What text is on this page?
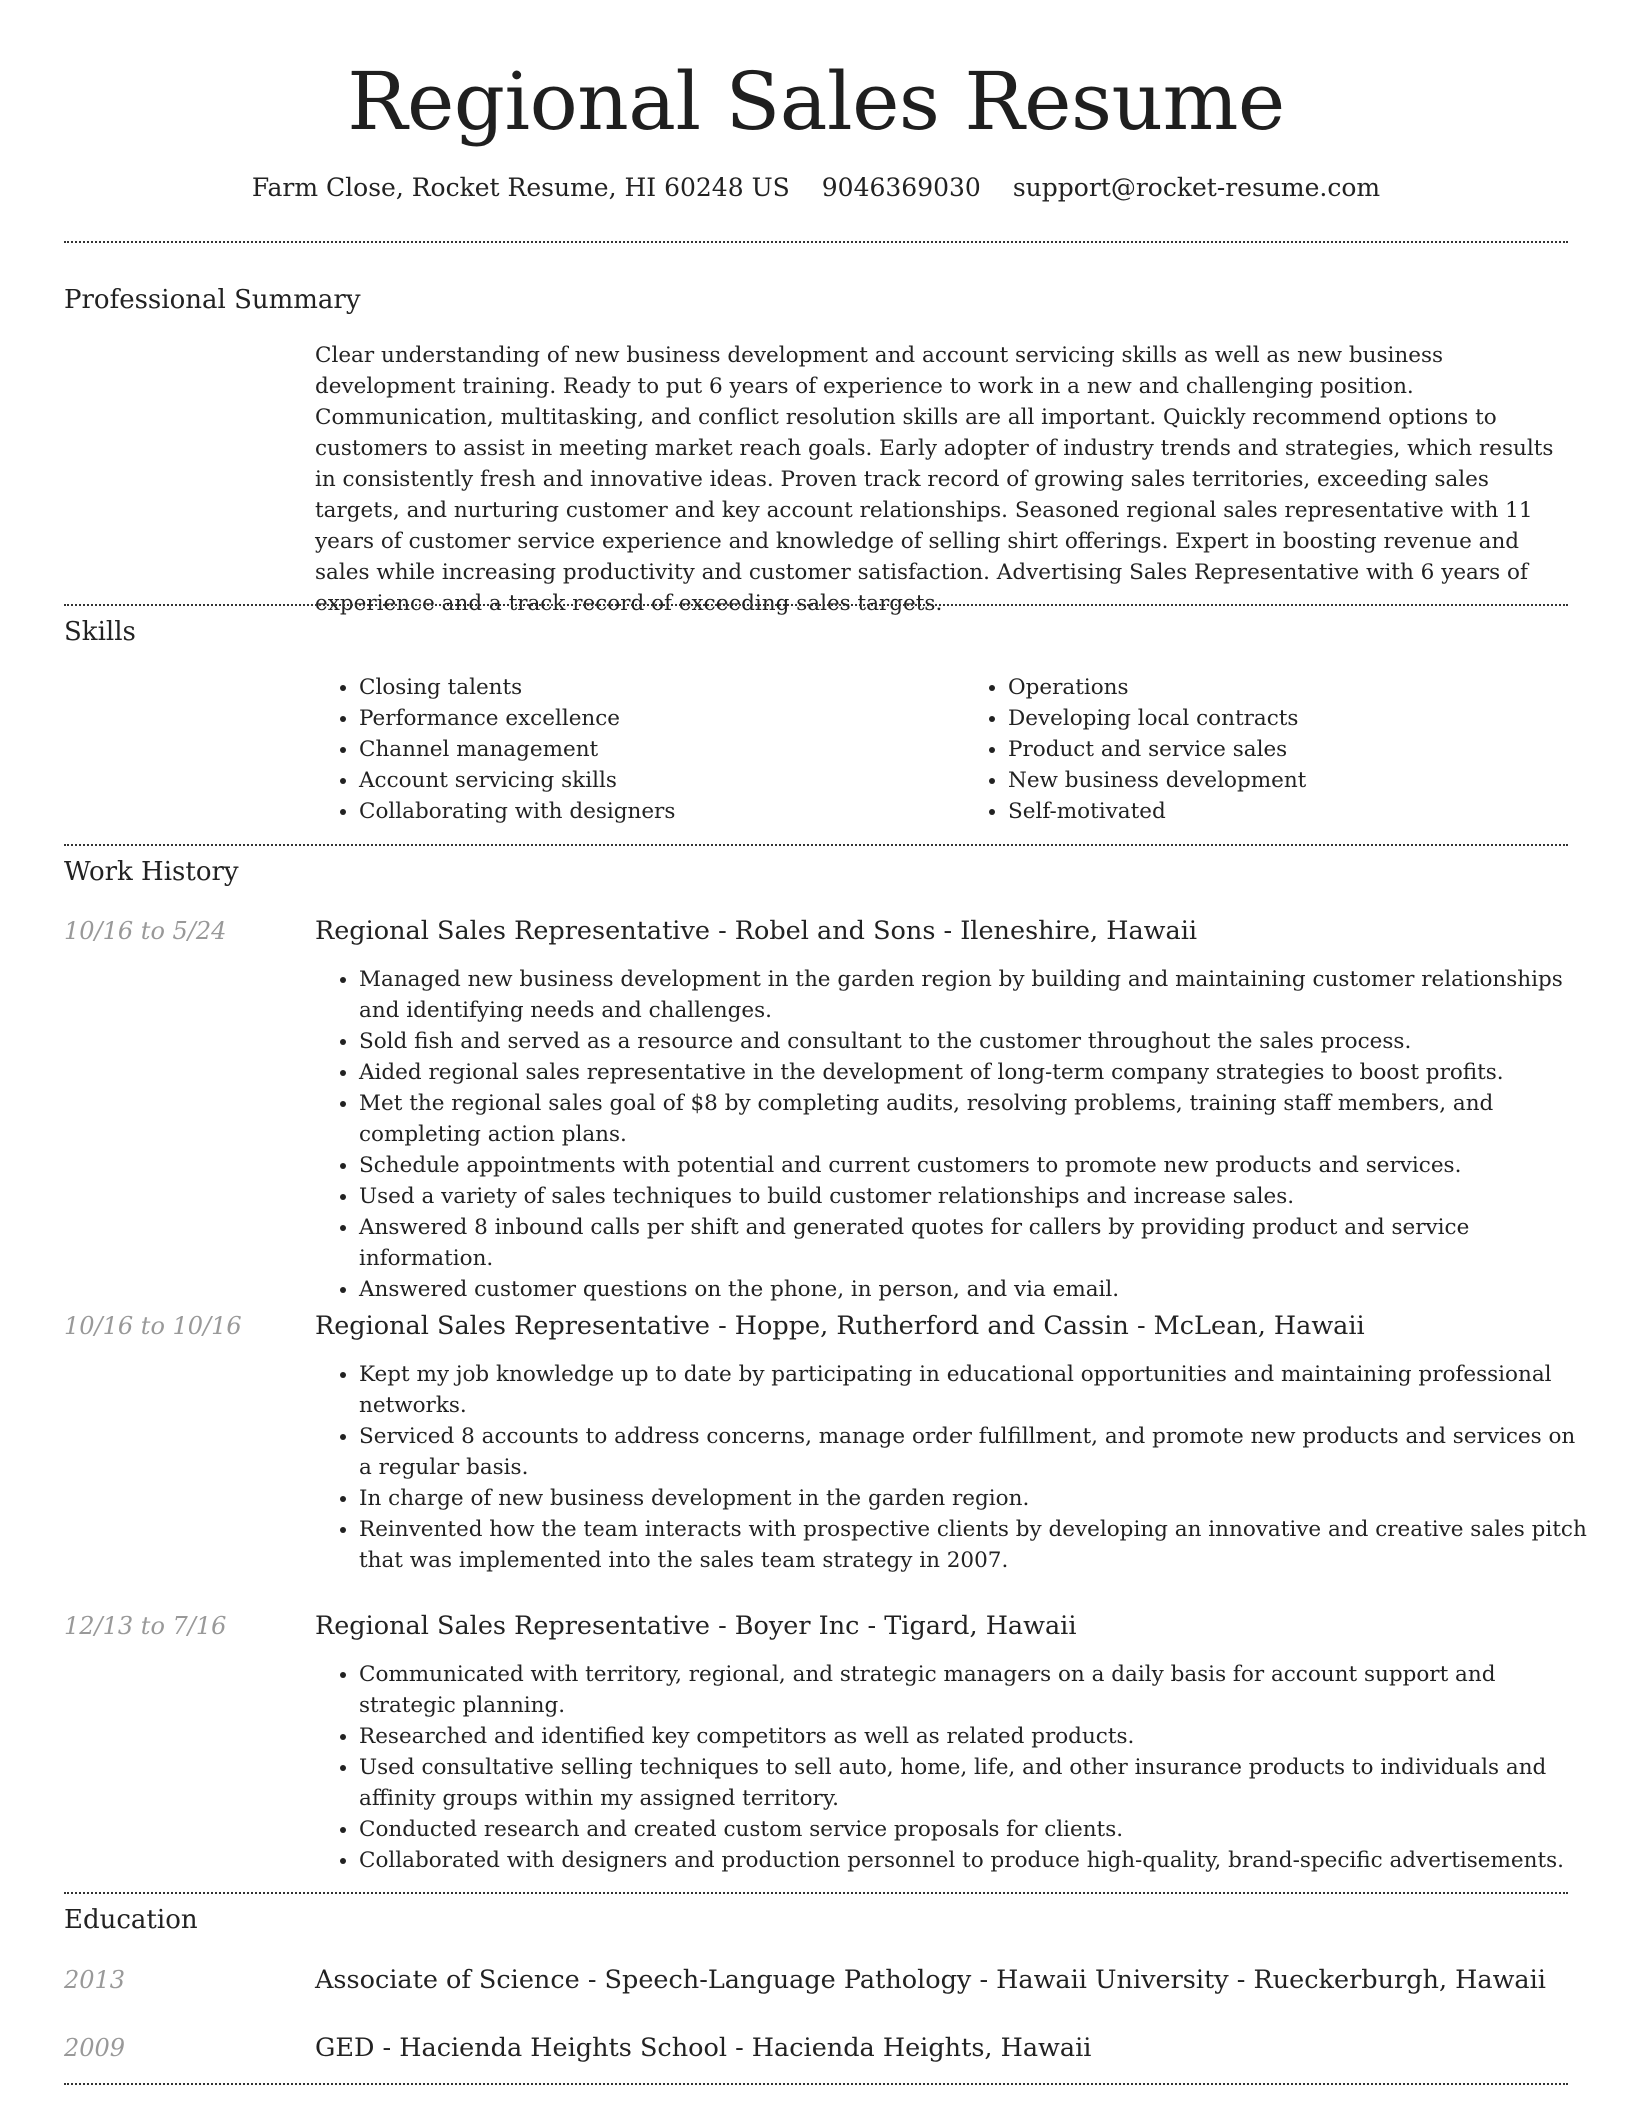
Regional Sales Resume
Farm Close, Rocket Resume, HI 60248 US 9046369030 support@rocket-resume.com
Professional Summary

Clear understanding of new business development and account servicing skills as well as new business development training. Ready to put 6 years of experience to work in a new and challenging position. Communication, multitasking, and conflict resolution skills are all important. Quickly recommend options to customers to assist in meeting market reach goals. Early adopter of industry trends and strategies, which results in consistently fresh and innovative ideas. Proven track record of growing sales territories, exceeding sales targets, and nurturing customer and key account relationships. Seasoned regional sales representative with 11 years of customer service experience and knowledge of selling shirt offerings. Expert in boosting revenue and sales while increasing productivity and customer satisfaction. Advertising Sales Representative with 6 years of experience and a track record of exceeding sales targets.

Skills
• Closing talents
• Performance excellence
• Channel management
• Account servicing skills
• Collaborating with designers
• Operations
• Developing local contracts
• Product and service sales
• New business development
• Self-motivated
Work History
10/16 to 5/24	Regional Sales Representative - Robel and Sons - Ileneshire, Hawaii
• Managed new business development in the garden region by building and maintaining customer relationships and identifying needs and challenges.
• Sold fish and served as a resource and consultant to the customer throughout the sales process.
• Aided regional sales representative in the development of long-term company strategies to boost profits.
• Met the regional sales goal of $8 by completing audits, resolving problems, training staff members, and completing action plans.
• Schedule appointments with potential and current customers to promote new products and services.
• Used a variety of sales techniques to build customer relationships and increase sales.
• Answered 8 inbound calls per shift and generated quotes for callers by providing product and service information.
• Answered customer questions on the phone, in person, and via email.
10/16 to 10/16	Regional Sales Representative - Hoppe, Rutherford and Cassin - McLean, Hawaii
• Kept my job knowledge up to date by participating in educational opportunities and maintaining professional networks.
• Serviced 8 accounts to address concerns, manage order fulfillment, and promote new products and services on a regular basis.
• In charge of new business development in the garden region.
• Reinvented how the team interacts with prospective clients by developing an innovative and creative sales pitch that was implemented into the sales team strategy in 2007.
12/13 to 7/16	Regional Sales Representative - Boyer Inc - Tigard, Hawaii
• Communicated with territory, regional, and strategic managers on a daily basis for account support and strategic planning.
• Researched and identified key competitors as well as related products.
• Used consultative selling techniques to sell auto, home, life, and other insurance products to individuals and affinity groups within my assigned territory.
• Conducted research and created custom service proposals for clients.
• Collaborated with designers and production personnel to produce high-quality, brand-specific advertisements.
Education
2013	Associate of Science - Speech-Language Pathology - Hawaii University - Rueckerburgh, Hawaii
2009	GED - Hacienda Heights School - Hacienda Heights, Hawaii
